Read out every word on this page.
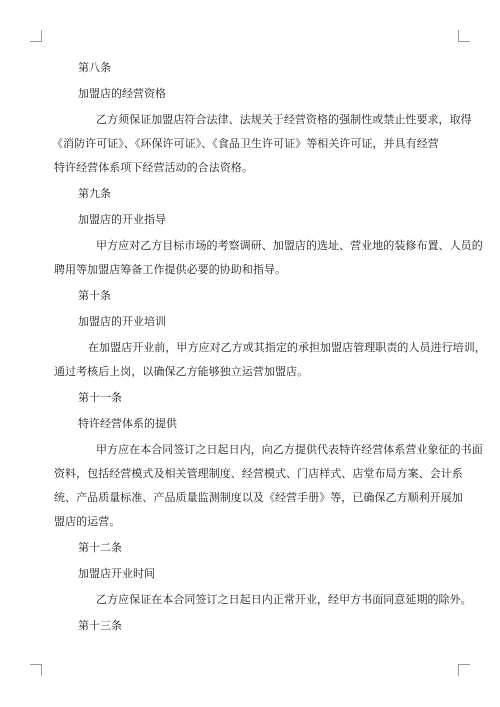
第八条

加盟店的经营资格

乙方须保证加盟店符合法律、法规关于经营资格的强制性或禁止性要求，取得

《消防许可证》、《环保许可证》、《食品卫生许可证》等相关许可证，并具有经营

特许经营体系项下经营活动的合法资格。

第九条

加盟店的开业指导

甲方应对乙方目标市场的考察调研、加盟店的选址、营业地的装修布置、人员的

聘用等加盟店筹备工作提供必要的协助和指导。

第十条

加盟店的开业培训

在加盟店开业前，甲方应对乙方或其指定的承担加盟店管理职责的人员进行培训，

通过考核后上岗，以确保乙方能够独立运营加盟店。

第十一条

特许经营体系的提供

甲方应在本合同签订之日起日内，向乙方提供代表特许经营体系营业象征的书面

资料，包括经营模式及相关管理制度、经营模式、门店样式、店堂布局方案、会计系

统、产品质量标准、产品质量监测制度以及《经营手册》等，已确保乙方顺利开展加

盟店的运营。

第十二条

加盟店开业时间

乙方应保证在本合同签订之日起日内正常开业，经甲方书面同意延期的除外。

第十三条
